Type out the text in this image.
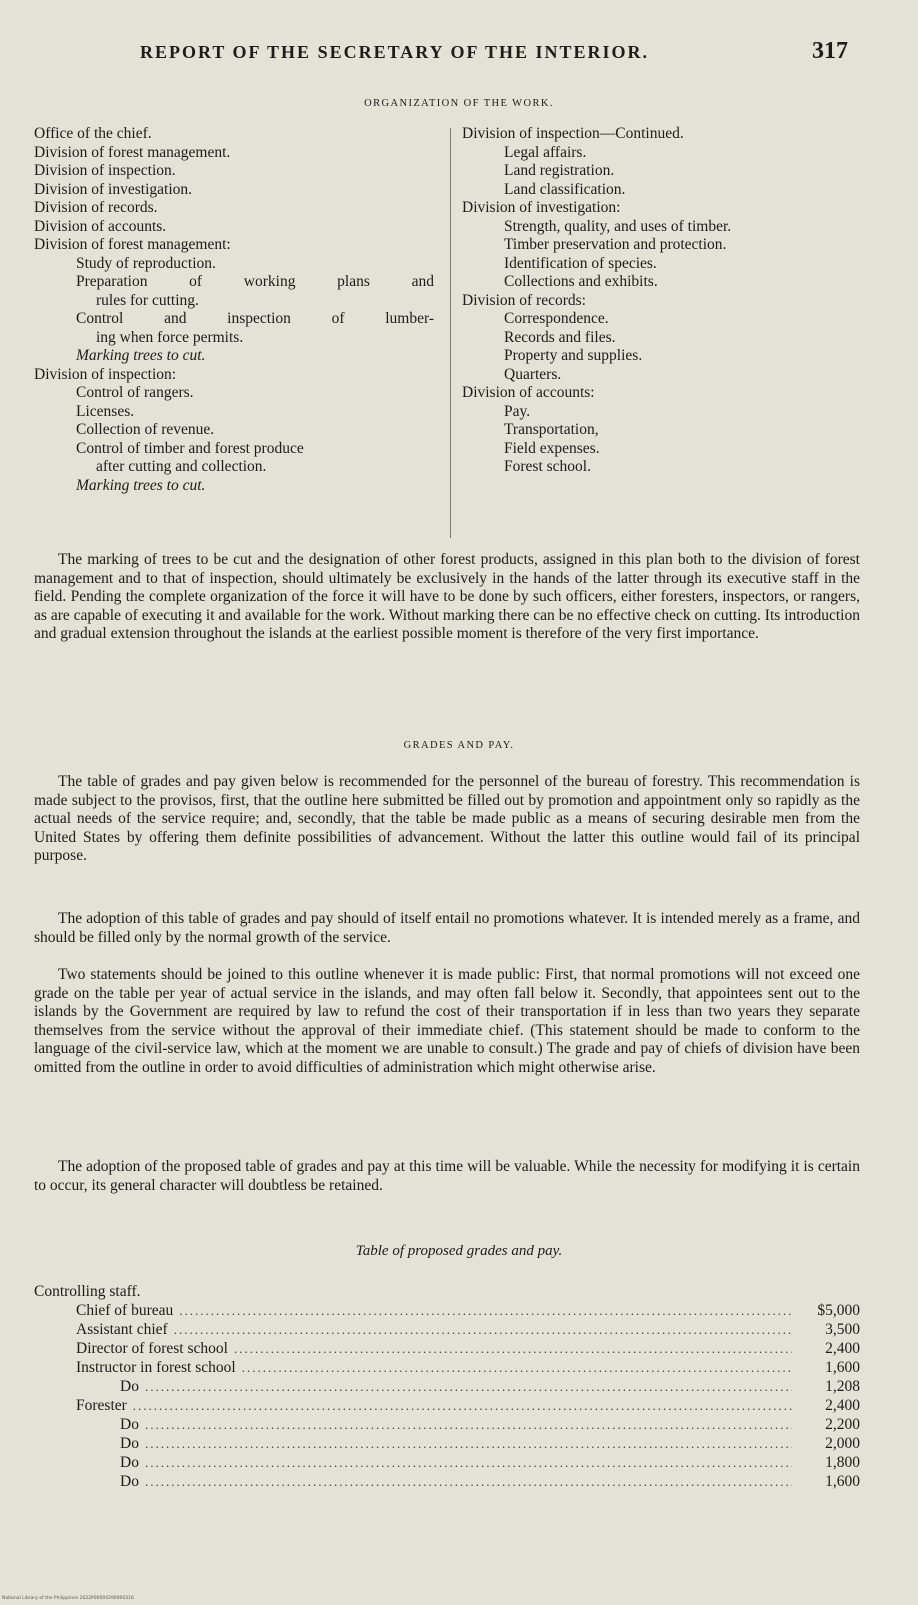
REPORT OF THE SECRETARY OF THE INTERIOR.	317
ORGANIZATION OF THE WORK.
Office of the chief.
Division of forest management.
Division of inspection.
Division of investigation.
Division of records.
Division of accounts.
Division of forest management:
Study of reproduction.
Preparation of working plans and
rules for cutting.
Control and inspection of lumber-
ing when force permits.
Marking trees to cut.
Division of inspection:
Control of rangers.
Licenses.
Collection of revenue.
Control of timber and forest produce
after cutting and collection.
Marking trees to cut.
Division of inspection—Continued.
Legal affairs.
Land registration.
Land classification.
Division of investigation:
Strength, quality, and uses of timber.
Timber preservation and protection.
Identification of species.
Collections and exhibits.
Division of records:
Correspondence.
Records and files.
Property and supplies.
Quarters.
Division of accounts:
Pay.
Transportation,
Field expenses.
Forest school.

The marking of trees to be cut and the designation of other forest products, assigned in this plan both to the division of forest management and to that of inspection, should ultimately be exclusively in the hands of the latter through its executive staff in the field. Pending the complete organization of the force it will have to be done by such officers, either foresters, inspectors, or rangers, as are capable of executing it and available for the work. Without marking there can be no effective check on cutting. Its introduction and gradual extension throughout the islands at the earliest possible moment is therefore of the very first importance.

GRADES AND PAY.

The table of grades and pay given below is recommended for the personnel of the bureau of forestry. This recommendation is made subject to the provisos, first, that the outline here submitted be filled out by promotion and appointment only so rapidly as the actual needs of the service require; and, secondly, that the table be made public as a means of securing desirable men from the United States by offering them definite possibilities of advancement. Without the latter this outline would fail of its principal purpose.

The adoption of this table of grades and pay should of itself entail no promotions whatever. It is intended merely as a frame, and should be filled only by the normal growth of the service.

Two statements should be joined to this outline whenever it is made public: First, that normal promotions will not exceed one grade on the table per year of actual service in the islands, and may often fall below it. Secondly, that appointees sent out to the islands by the Government are required by law to refund the cost of their transportation if in less than two years they separate themselves from the service without the approval of their immediate chief. (This statement should be made to conform to the language of the civil-service law, which at the moment we are unable to consult.) The grade and pay of chiefs of division have been omitted from the outline in order to avoid difficulties of administration which might otherwise arise.

The adoption of the proposed table of grades and pay at this time will be valuable. While the necessity for modifying it is certain to occur, its general character will doubtless be retained.

Table of proposed grades and pay.
Controlling staff.
Chief of bureau .....	$5,000
Assistant chief .....	3,500
Director of forest school .....	2,400
Instructor in forest school .....	1,600
Do .....	1,208
Forester .....	2,400
Do .....	2,200
Do .....	2,000
Do .....	1,800
Do .....	1,600
National Library of the Philippines 2022P00004290000316
